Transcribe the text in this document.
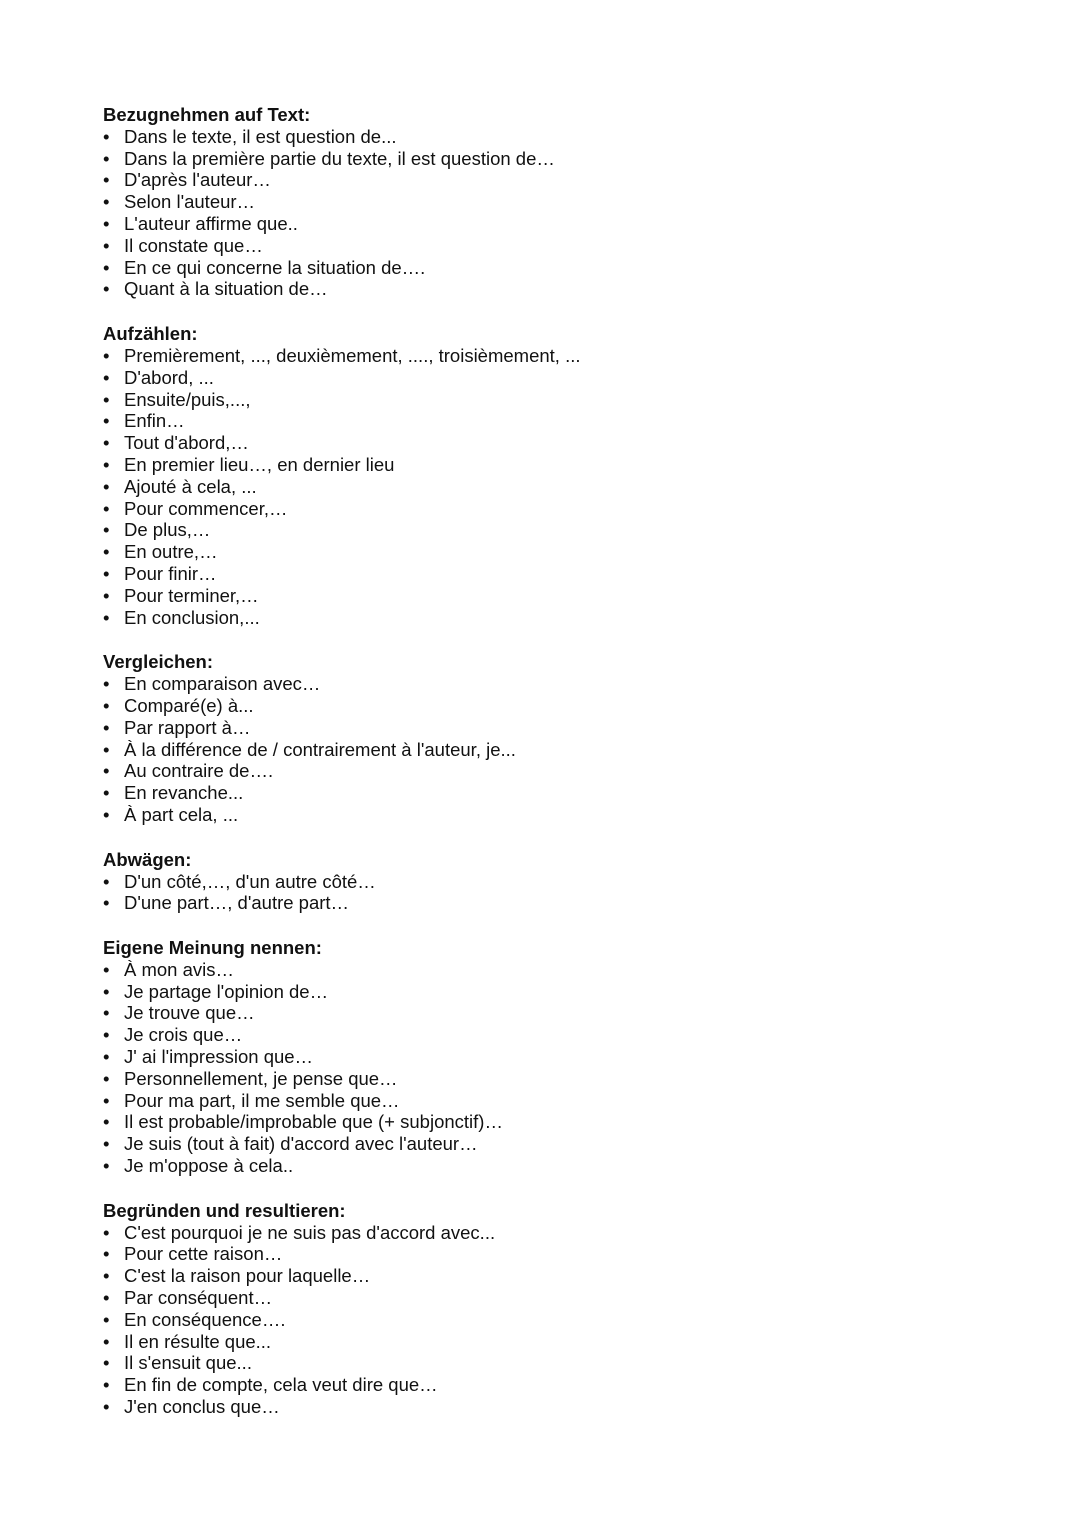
Bezugnehmen auf Text:
• Dans le texte, il est question de...
• Dans la première partie du texte, il est question de…
• D'après l'auteur…
• Selon l'auteur…
• L'auteur affirme que..
• Il constate que…
• En ce qui concerne la situation de….
• Quant à la situation de…
Aufzählen:
• Premièrement, ..., deuxièmement, ...., troisièmement, ...
• D'abord, ...
• Ensuite/puis,...,
• Enfin…
• Tout d'abord,…
• En premier lieu…, en dernier lieu
• Ajouté à cela, ...
• Pour commencer,…
• De plus,…
• En outre,…
• Pour finir…
• Pour terminer,…
• En conclusion,...
Vergleichen:
• En comparaison avec…
• Comparé(e) à...
• Par rapport à…
• À la différence de / contrairement à l'auteur, je...
• Au contraire de….
• En revanche...
• À part cela, ...
Abwägen:
• D'un côté,…, d'un autre côté…
• D'une part…, d'autre part…
Eigene Meinung nennen:
• À mon avis…
• Je partage l'opinion de…
• Je trouve que…
• Je crois que…
• J' ai l'impression que…
• Personnellement, je pense que…
• Pour ma part, il me semble que…
• Il est probable/improbable que (+ subjonctif)…
• Je suis (tout à fait) d'accord avec l'auteur…
• Je m'oppose à cela..
Begründen und resultieren:
• C'est pourquoi je ne suis pas d'accord avec...
• Pour cette raison…
• C'est la raison pour laquelle…
• Par conséquent…
• En conséquence….
• Il en résulte que...
• Il s'ensuit que...
• En fin de compte, cela veut dire que…
• J'en conclus que…
